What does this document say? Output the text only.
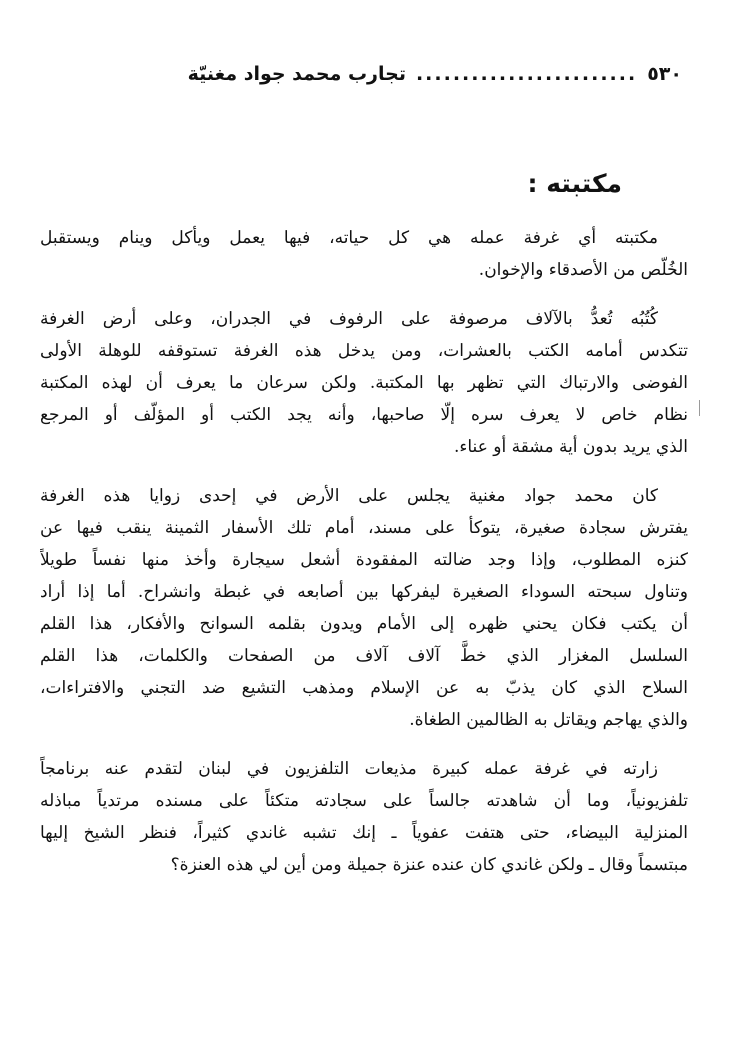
٥٣٠........................تجارب محمد جواد مغنيّة
مكتبته :

مكتبته أي غرفة عمله هي كل حياته، فيها يعمل ويأكل وينام ويستقبل
الخُلّص من الأصدقاء والإخوان.

كُتُبُه تُعدُّ بالآلاف مرصوفة على الرفوف في الجدران، وعلى أرض الغرفة
تتكدس أمامه الكتب بالعشرات، ومن يدخل هذه الغرفة تستوقفه للوهلة الأولى
الفوضى والارتباك التي تظهر بها المكتبة. ولكن سرعان ما يعرف أن لهذه المكتبة
نظام خاص لا يعرف سره إلّا صاحبها، وأنه يجد الكتب أو المؤلّف أو المرجع
الذي يريد بدون أية مشقة أو عناء.

كان محمد جواد مغنية يجلس على الأرض في إحدى زوايا هذه الغرفة
يفترش سجادة صغيرة، يتوكأ على مسند، أمام تلك الأسفار الثمينة ينقب فيها عن
كنزه المطلوب، وإذا وجد ضالته المفقودة أشعل سيجارة وأخذ منها نفساً طويلاً
وتناول سبحته السوداء الصغيرة ليفركها بين أصابعه في غبطة وانشراح. أما إذا أراد
أن يكتب فكان يحني ظهره إلى الأمام ويدون بقلمه السوانح والأفكار، هذا القلم
السلسل المغزار الذي خطَّ آلاف آلاف من الصفحات والكلمات، هذا القلم
السلاح الذي كان يذبّ به عن الإسلام ومذهب التشيع ضد التجني والافتراءات،
والذي يهاجم ويقاتل به الظالمين الطغاة.

زارته في غرفة عمله كبيرة مذيعات التلفزيون في لبنان لتقدم عنه برنامجاً
تلفزيونياً، وما أن شاهدته جالساً على سجادته متكئاً على مسنده مرتدياً مباذله
المنزلية البيضاء، حتى هتفت عفوياً ـ إنك تشبه غاندي كثيراً، فنظر الشيخ إليها
مبتسماً وقال ـ ولكن غاندي كان عنده عنزة جميلة ومن أين لي هذه العنزة؟
